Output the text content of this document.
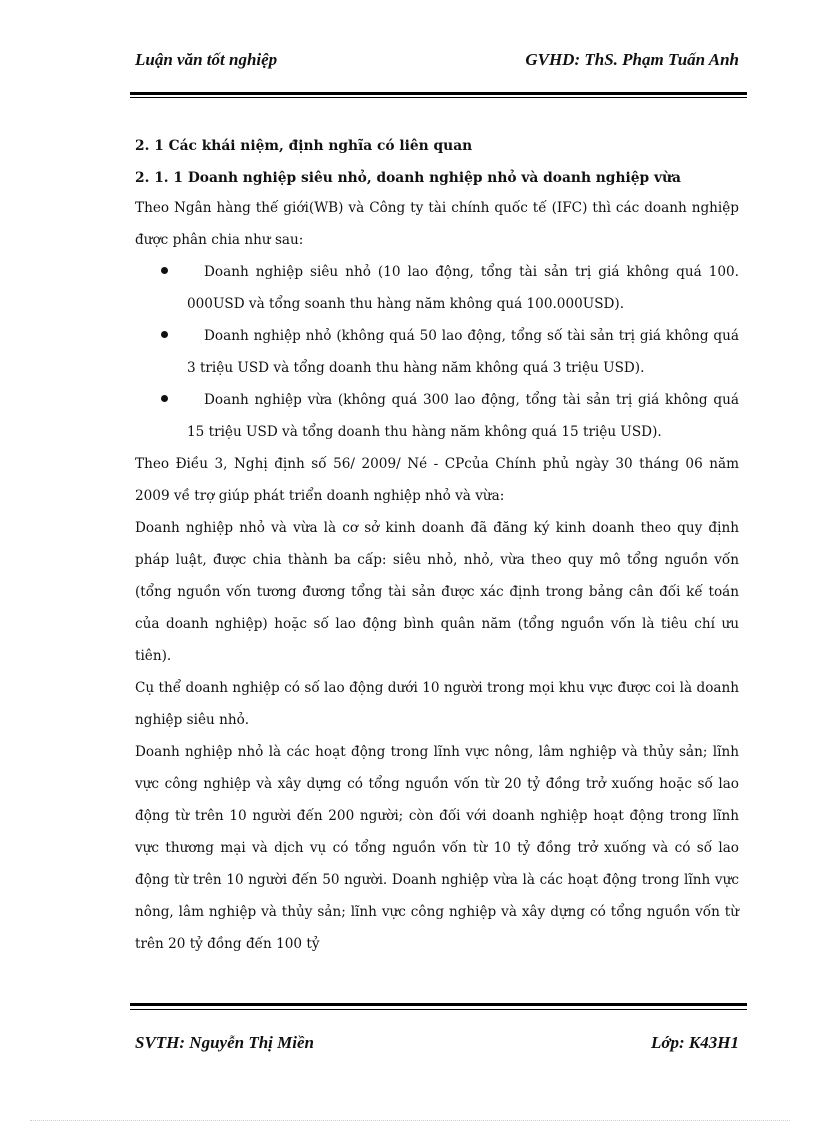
Luận văn tốt nghiệp	GVHD: ThS. Phạm Tuấn Anh
2. 1 Các khái niệm, định nghĩa có liên quan
2. 1. 1 Doanh nghiệp siêu nhỏ, doanh nghiệp nhỏ và doanh nghiệp vừa

Theo Ngân hàng thế giới(WB) và Công ty tài chính quốc tế (IFC) thì các doanh nghiệp được phân chia như sau:

Doanh nghiệp siêu nhỏ (10 lao động, tổng tài sản trị giá không quá 100. 000USD và tổng soanh thu hàng năm không quá 100.000USD).
Doanh nghiệp nhỏ (không quá 50 lao động, tổng số tài sản trị giá không quá 3 triệu USD và tổng doanh thu hàng năm không quá 3 triệu USD).
Doanh nghiệp vừa (không quá 300 lao động, tổng tài sản trị giá không quá 15 triệu USD và tổng doanh thu hàng năm không quá 15 triệu USD).

Theo Điều 3, Nghị định số 56/ 2009/ Né - CPcủa Chính phủ ngày 30 tháng 06 năm 2009 về trợ giúp phát triển doanh nghiệp nhỏ và vừa:

Doanh nghiệp nhỏ và vừa là cơ sở kinh doanh đã đăng ký kinh doanh theo quy định pháp luật, được chia thành ba cấp: siêu nhỏ, nhỏ, vừa theo quy mô tổng nguồn vốn (tổng nguồn vốn tương đương tổng tài sản được xác định trong bảng cân đối kế toán của doanh nghiệp) hoặc số lao động bình quân năm (tổng nguồn vốn là tiêu chí ưu tiên).

Cụ thể doanh nghiệp có số lao động dưới 10 người trong mọi khu vực được coi là doanh nghiệp siêu nhỏ.

Doanh nghiệp nhỏ là các hoạt động trong lĩnh vực nông, lâm nghiệp và thủy sản; lĩnh vực công nghiệp và xây dựng có tổng nguồn vốn từ 20 tỷ đồng trở xuống hoặc số lao động từ trên 10 người đến 200 người; còn đối với doanh nghiệp hoạt động trong lĩnh vực thương mại và dịch vụ có tổng nguồn vốn từ 10 tỷ đồng trở xuống và có số lao động từ trên 10 người đến 50 người. Doanh nghiệp vừa là các hoạt động trong lĩnh vực nông, lâm nghiệp và thủy sản; lĩnh vực công nghiệp và xây dựng có tổng nguồn vốn từ trên 20 tỷ đồng đến 100 tỷ

SVTH: Nguyễn Thị Miền	Lớp: K43H1
